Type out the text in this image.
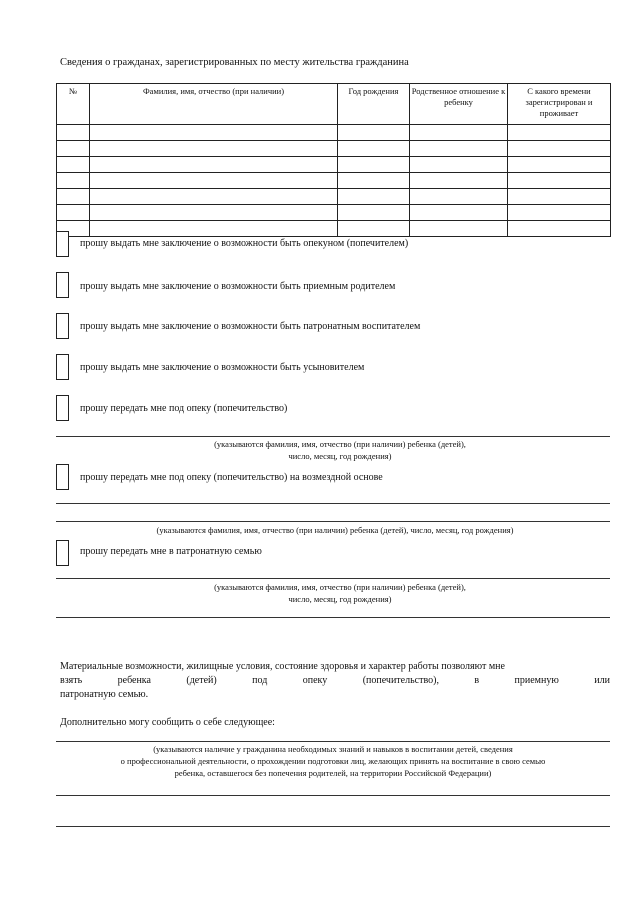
Сведения о гражданах, зарегистрированных по месту жительства гражданина
№	Фамилия, имя, отчество (при наличии)	Год рождения	Родственное отношение к ребенку	С какого времени зарегистрирован и проживает

прошу выдать мне заключение о возможности быть опекуном (попечителем)
прошу выдать мне заключение о возможности быть приемным родителем
прошу выдать мне заключение о возможности быть патронатным воспитателем
прошу выдать мне заключение о возможности быть усыновителем
прошу передать мне под опеку (попечительство)
(указываются фамилия, имя, отчество (при наличии) ребенка (детей),
число, месяц, год рождения)
прошу передать мне под опеку (попечительство) на возмездной основе
(указываются фамилия, имя, отчество (при наличии) ребенка (детей), число, месяц, год рождения)
прошу передать мне в патронатную семью
(указываются фамилия, имя, отчество (при наличии) ребенка (детей),
число, месяц, год рождения)
Материальные возможности, жилищные условия, состояние здоровья и характер работы позволяют мне
взять	ребенка	(детей)	под	опеку	(попечительство),	в	приемную	или
патронатную семью.
Дополнительно могу сообщить о себе следующее:
(указываются наличие у гражданина необходимых знаний и навыков в воспитании детей, сведения
о профессиональной деятельности, о прохождении подготовки лиц, желающих принять на воспитание в свою семью
ребенка, оставшегося без попечения родителей, на территории Российской Федерации)
